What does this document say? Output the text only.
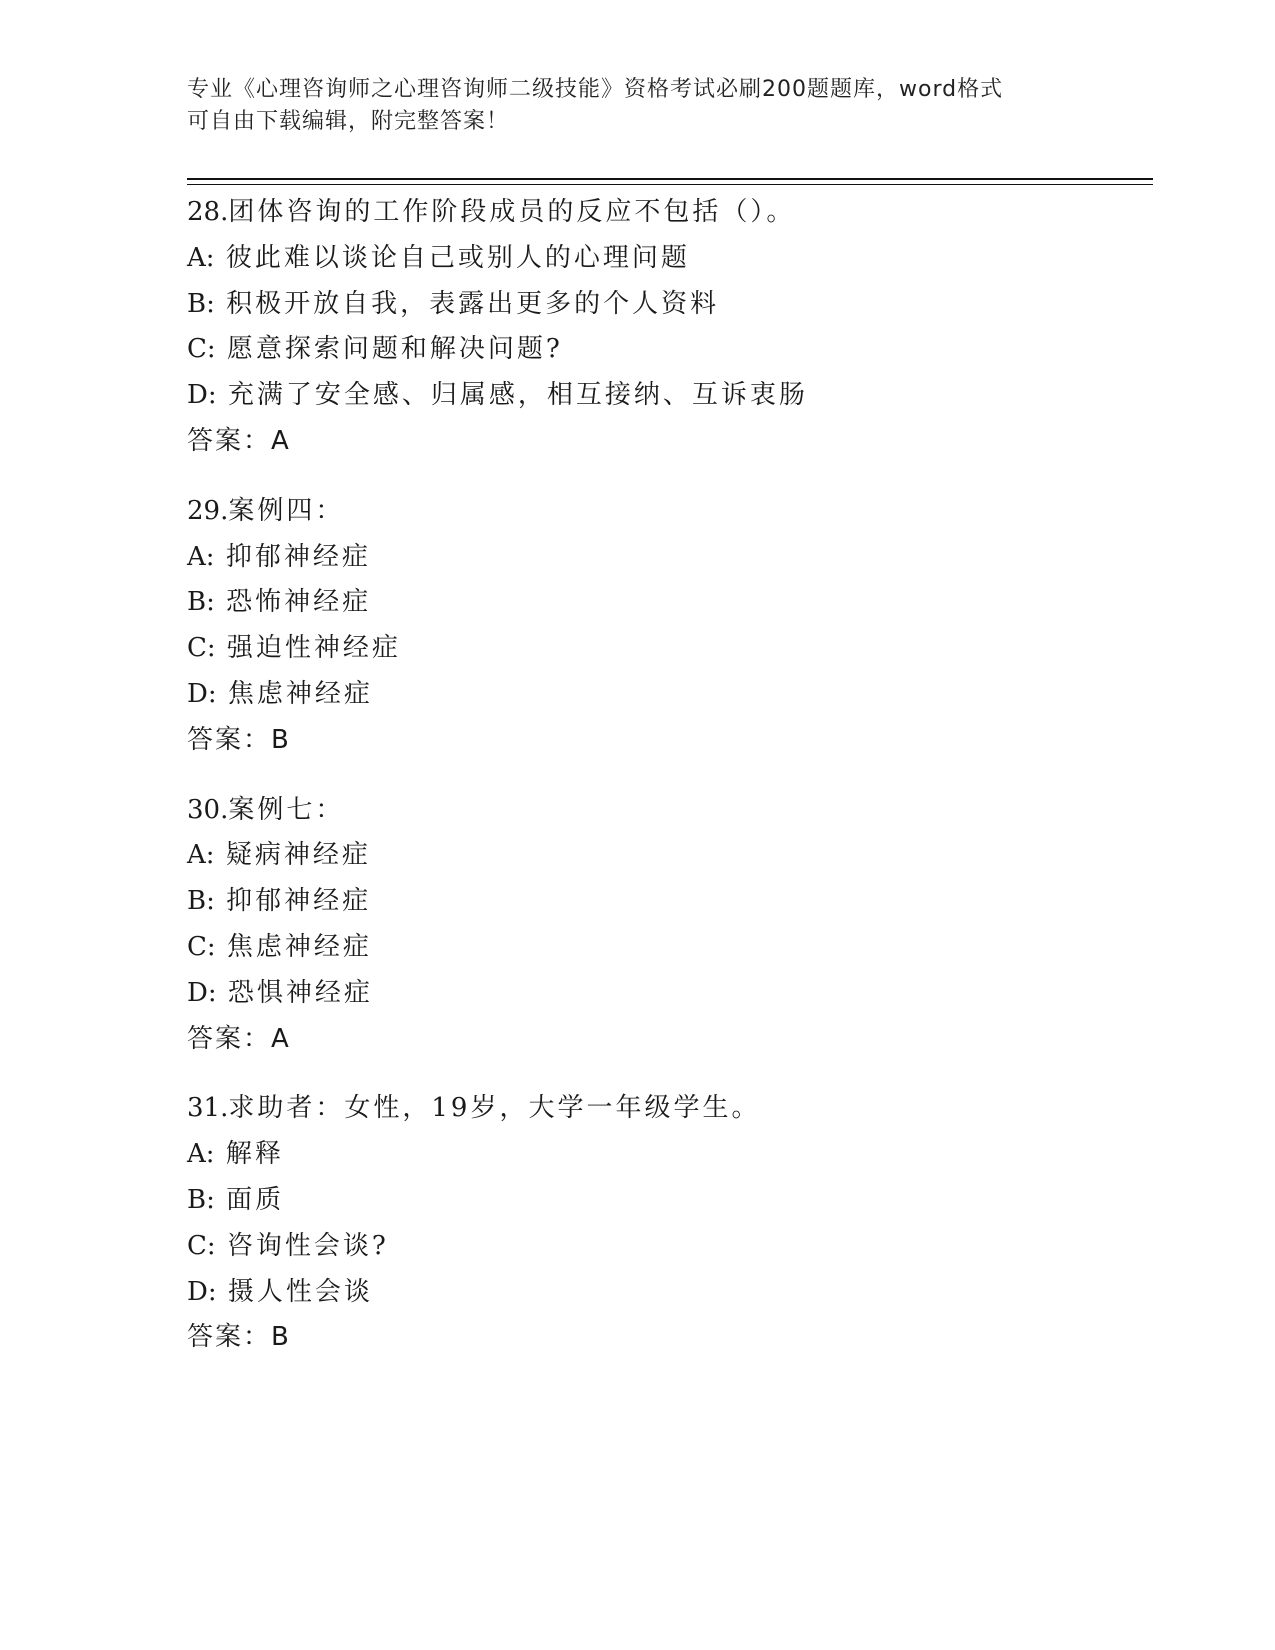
专业《心理咨询师之心理咨询师二级技能》资格考试必刷200题题库，word格式
可自由下载编辑，附完整答案！
28.团体咨询的工作阶段成员的反应不包括（）。
A: 彼此难以谈论自己或别人的心理问题
B: 积极开放自我，表露出更多的个人资料
C: 愿意探索问题和解决问题?
D: 充满了安全感、归属感，相互接纳、互诉衷肠
答案：A
29.案例四：
A: 抑郁神经症
B: 恐怖神经症
C: 强迫性神经症
D: 焦虑神经症
答案：B
30.案例七：
A: 疑病神经症
B: 抑郁神经症
C: 焦虑神经症
D: 恐惧神经症
答案：A
31.求助者：女性，19岁，大学一年级学生。
A: 解释
B: 面质
C: 咨询性会谈?
D: 摄人性会谈
答案：B
